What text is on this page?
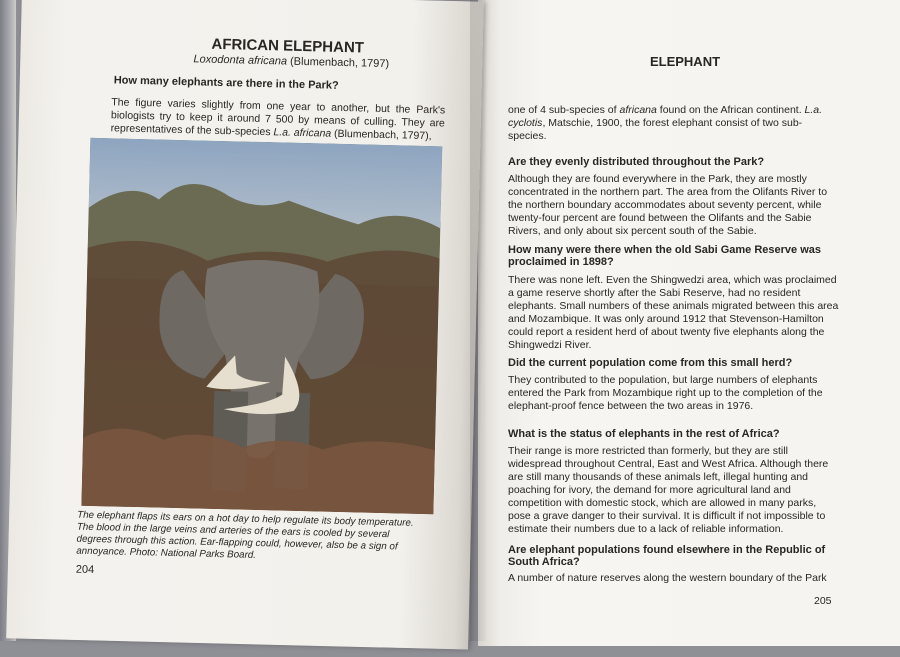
AFRICAN ELEPHANT
Loxodonta africana (Blumenbach, 1797)
How many elephants are there in the Park?
The figure varies slightly from one year to another, but the Park's biologists try to keep it around 7 500 by means of culling. They are representatives of the sub-species L.a. africana (Blumenbach, 1797),
The elephant flaps its ears on a hot day to help regulate its body temperature. The blood in the large veins and arteries of the ears is cooled by several degrees through this action. Ear-flapping could, however, also be a sign of annoyance. Photo: National Parks Board.
204
ELEPHANT
one of 4 sub-species of africana found on the African continent. L.a. cyclotis, Matschie, 1900, the forest elephant consist of two sub-species.
Are they evenly distributed throughout the Park?
Although they are found everywhere in the Park, they are mostly concentrated in the northern part. The area from the Olifants River to the northern boundary accommodates about seventy percent, while twenty-four percent are found between the Olifants and the Sabie Rivers, and only about six percent south of the Sabie.
How many were there when the old Sabi Game Reserve was proclaimed in 1898?
There was none left. Even the Shingwedzi area, which was proclaimed a game reserve shortly after the Sabi Reserve, had no resident elephants. Small numbers of these animals migrated between this area and Mozambique. It was only around 1912 that Stevenson-Hamilton could report a resident herd of about twenty five elephants along the Shingwedzi River.
Did the current population come from this small herd?
They contributed to the population, but large numbers of elephants entered the Park from Mozambique right up to the completion of the elephant-proof fence between the two areas in 1976.
What is the status of elephants in the rest of Africa?
Their range is more restricted than formerly, but they are still widespread throughout Central, East and West Africa. Although there are still many thousands of these animals left, illegal hunting and poaching for ivory, the demand for more agricultural land and competition with domestic stock, which are allowed in many parks, pose a grave danger to their survival. It is difficult if not impossible to estimate their numbers due to a lack of reliable information.
Are elephant populations found elsewhere in the Republic of South Africa?
A number of nature reserves along the western boundary of the Park
205
